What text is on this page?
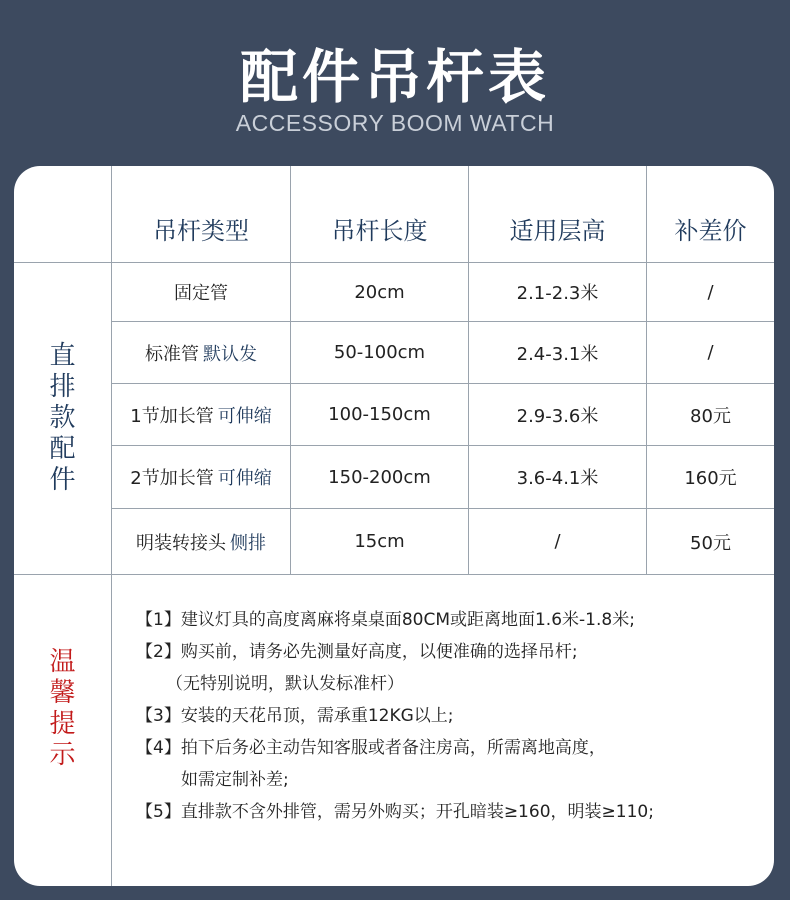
配件吊杆表
ACCESSORY BOOM WATCH
吊杆类型	吊杆长度	适用层高	补差价
直
排
款
配
件
固定管	20cm	2.1-2.3米	/
标准管 默认发	50-100cm	2.4-3.1米	/
1节加长管 可伸缩	100-150cm	2.9-3.6米	80元
2节加长管 可伸缩	150-200cm	3.6-4.1米	160元
明装转接头 侧排	15cm	/	50元
温
馨
提
示
【1】建议灯具的高度离麻将桌桌面80CM或距离地面1.6米-1.8米;
【2】购买前，请务必先测量好高度，以便准确的选择吊杆;
（无特别说明，默认发标准杆）
【3】安装的天花吊顶，需承重12KG以上;
【4】拍下后务必主动告知客服或者备注房高，所需离地高度，
如需定制补差;
【5】直排款不含外排管，需另外购买；开孔暗装≥160，明装≥110;
